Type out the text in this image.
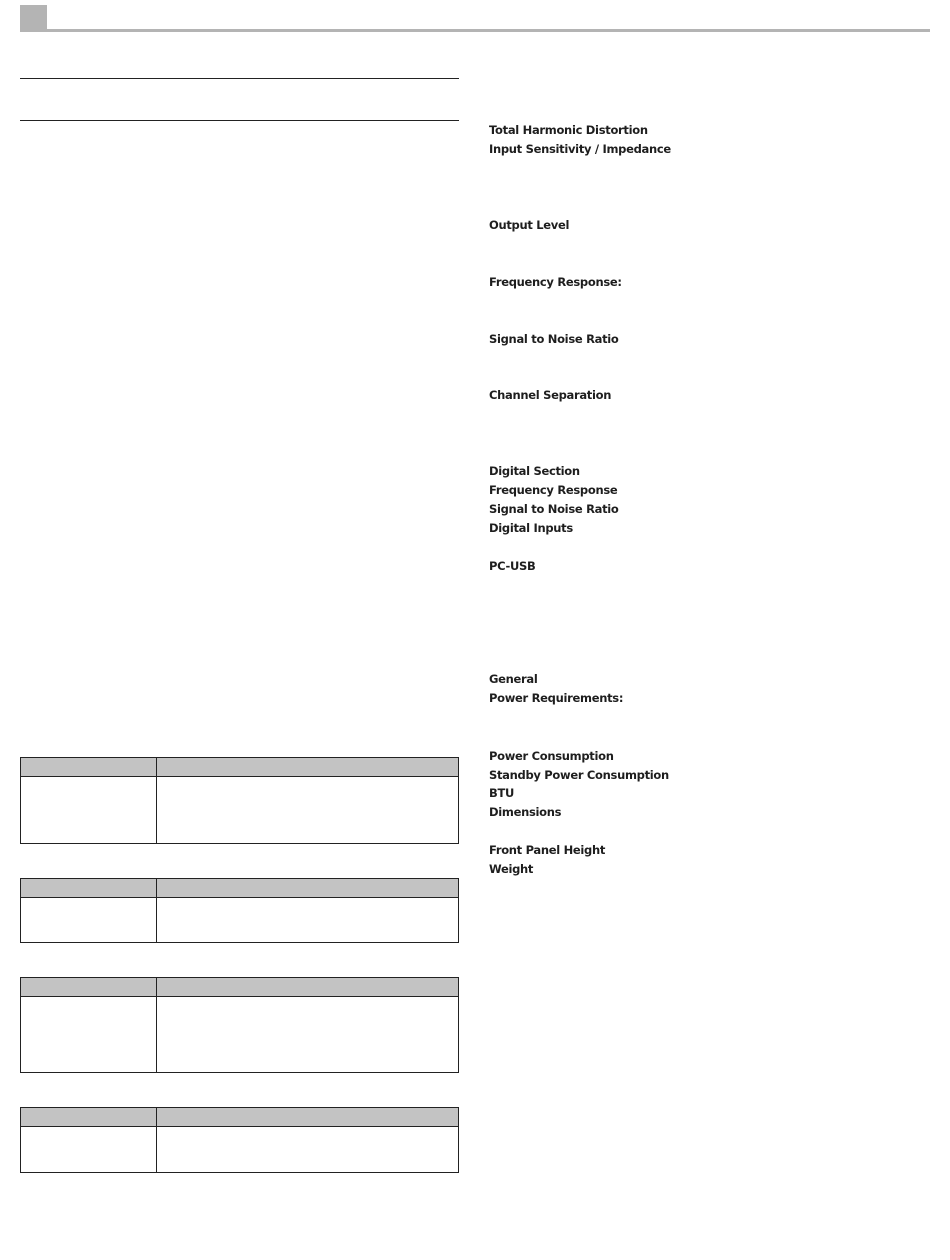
Total Harmonic Distortion
Input Sensitivity / Impedance
Output Level
Frequency Response:
Signal to Noise Ratio
Channel Separation
Digital Section
Frequency Response
Signal to Noise Ratio
Digital Inputs
PC-USB
General
Power Requirements:
Power Consumption
Standby Power Consumption
BTU
Dimensions
Front Panel Height
Weight
